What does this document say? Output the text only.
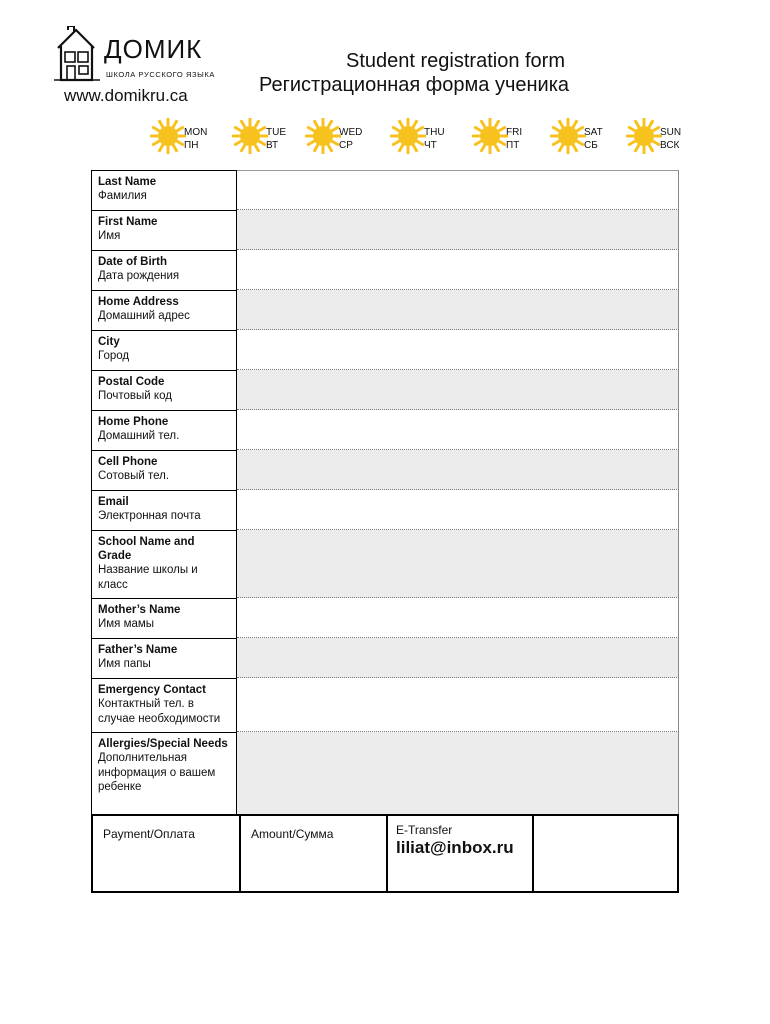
ДОМИК
ШКОЛА РУССКОГО ЯЗЫКА
www.domikru.ca
Student registration form
Регистрационная форма ученика
MON
ПН
TUE
ВТ
WED
СР
THU
ЧТ
FRI
ПТ
SAT
СБ
SUN
ВСК
Last Name
Фамилия
First Name
Имя
Date of Birth
Дата рождения
Home Address
Домашний адрес
City
Город
Postal Code
Почтовый код
Home Phone
Домашний тел.
Cell Phone
Сотовый тел.
Email
Электронная почта
School Name and Grade
Название школы и класс
Mother’s Name
Имя мамы
Father’s Name
Имя папы
Emergency Contact
Контактный тел. в случае необходимости
Allergies/Special Needs
Дополнительная информация о вашем ребенке
Payment/Оплата	Amount/Сумма	E-Transfer
liliat@inbox.ru
